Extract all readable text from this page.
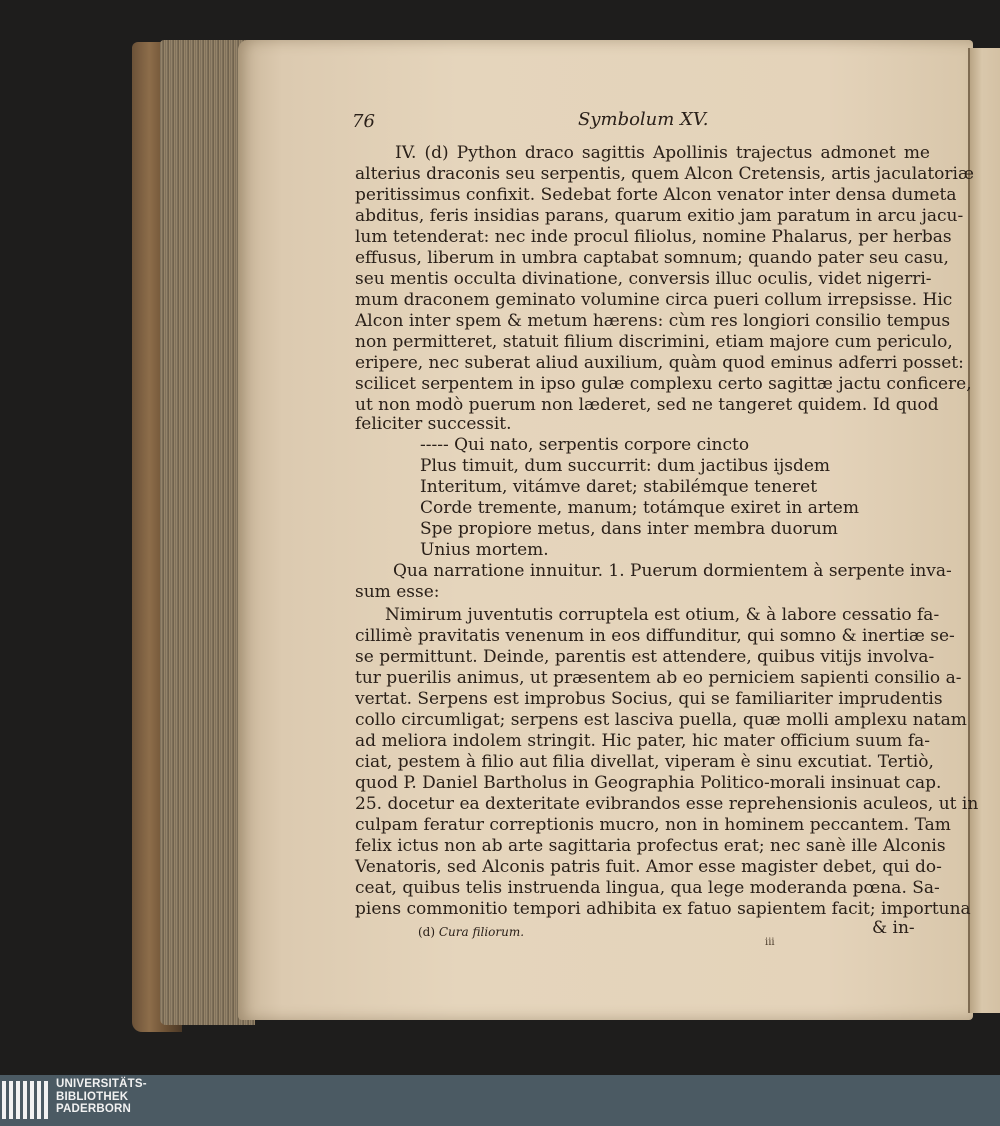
76	Symbolum XV.
IV. (d) Python draco sagittis Apollinis trajectus admonet me
alterius draconis seu serpentis, quem Alcon Cretensis, artis jaculatoriæ
peritissimus confixit. Sedebat forte Alcon venator inter densa dumeta
abditus, feris insidias parans, quarum exitio jam paratum in arcu jacu-
lum tetenderat: nec inde procul filiolus, nomine Phalarus, per herbas
effusus, liberum in umbra captabat somnum; quando pater seu casu,
seu mentis occulta divinatione, conversis illuc oculis, videt nigerri-
mum draconem geminato volumine circa pueri collum irrepsisse. Hic
Alcon inter spem & metum hærens: cùm res longiori consilio tempus
non permitteret, statuit filium discrimini, etiam majore cum periculo,
eripere, nec suberat aliud auxilium, quàm quod eminus adferri posset:
scilicet serpentem in ipso gulæ complexu certo sagittæ jactu conficere,
ut non modò puerum non læderet, sed ne tangeret quidem. Id quod
feliciter successit.
----- Qui nato, serpentis corpore cincto
Plus timuit, dum succurrit: dum jactibus ijsdem
Interitum, vitámve daret; stabilémque teneret
Corde tremente, manum; totámque exiret in artem
Spe propiore metus, dans inter membra duorum
Unius mortem.
Qua narratione innuitur. 1. Puerum dormientem à serpente inva-
sum esse:
Nimirum juventutis corruptela est otium, & à labore cessatio fa-
cillimè pravitatis venenum in eos diffunditur, qui somno & inertiæ se-
se permittunt. Deinde, parentis est attendere, quibus vitijs involva-
tur puerilis animus, ut præsentem ab eo perniciem sapienti consilio a-
vertat. Serpens est improbus Socius, qui se familiariter imprudentis
collo circumligat; serpens est lasciva puella, quæ molli amplexu natam
ad meliora indolem stringit. Hic pater, hic mater officium suum fa-
ciat, pestem à filio aut filia divellat, viperam è sinu excutiat. Tertiò,
quod P. Daniel Bartholus in Geographia Politico-morali insinuat cap.
25. docetur ea dexteritate evibrandos esse reprehensionis aculeos, ut in
culpam feratur correptionis mucro, non in hominem peccantem. Tam
felix ictus non ab arte sagittaria profectus erat; nec sanè ille Alconis
Venatoris, sed Alconis patris fuit. Amor esse magister debet, qui do-
ceat, quibus telis instruenda lingua, qua lege moderanda pœna. Sa-
piens commonitio tempori adhibita ex fatuo sapientem facit; importuna
(d) Cura filiorum.
iii
& in-
UNIVERSITÄTS-
BIBLIOTHEK
PADERBORN
